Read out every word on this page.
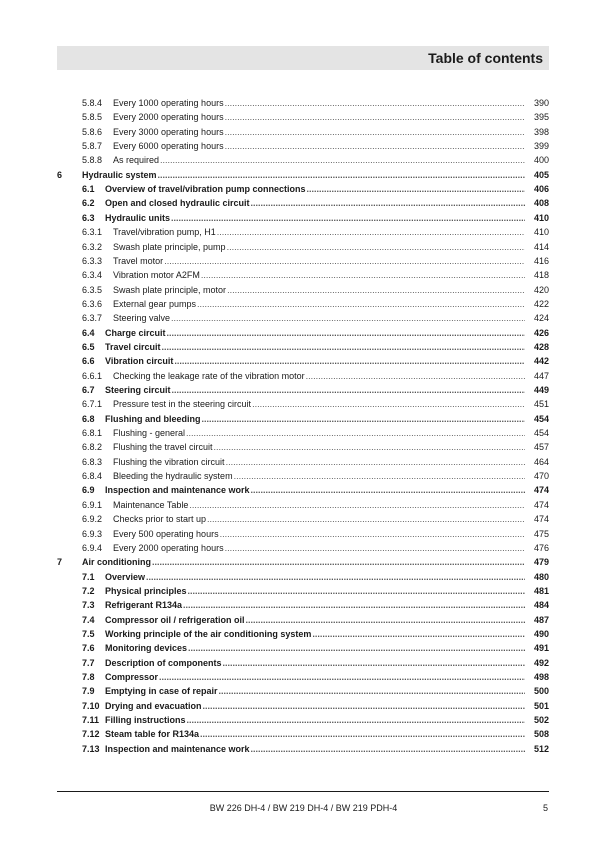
Table of contents
5.8.4 Every 1000 operating hours .....	390
5.8.5 Every 2000 operating hours .....	395
5.8.6 Every 3000 operating hours .....	398
5.8.7 Every 6000 operating hours .....	399
5.8.8 As required .....	400
6 Hydraulic system .....	405
6.1 Overview of travel/vibration pump connections .....	406
6.2 Open and closed hydraulic circuit .....	408
6.3 Hydraulic units .....	410
6.3.1 Travel/vibration pump, H1 .....	410
6.3.2 Swash plate principle, pump .....	414
6.3.3 Travel motor .....	416
6.3.4 Vibration motor A2FM .....	418
6.3.5 Swash plate principle, motor .....	420
6.3.6 External gear pumps .....	422
6.3.7 Steering valve .....	424
6.4 Charge circuit .....	426
6.5 Travel circuit .....	428
6.6 Vibration circuit .....	442
6.6.1 Checking the leakage rate of the vibration motor .....	447
6.7 Steering circuit .....	449
6.7.1 Pressure test in the steering circuit .....	451
6.8 Flushing and bleeding .....	454
6.8.1 Flushing - general .....	454
6.8.2 Flushing the travel circuit .....	457
6.8.3 Flushing the vibration circuit .....	464
6.8.4 Bleeding the hydraulic system .....	470
6.9 Inspection and maintenance work .....	474
6.9.1 Maintenance Table .....	474
6.9.2 Checks prior to start up .....	474
6.9.3 Every 500 operating hours .....	475
6.9.4 Every 2000 operating hours .....	476
7 Air conditioning .....	479
7.1 Overview .....	480
7.2 Physical principles .....	481
7.3 Refrigerant R134a .....	484
7.4 Compressor oil / refrigeration oil .....	487
7.5 Working principle of the air conditioning system .....	490
7.6 Monitoring devices .....	491
7.7 Description of components .....	492
7.8 Compressor .....	498
7.9 Emptying in case of repair .....	500
7.10 Drying and evacuation .....	501
7.11 Filling instructions .....	502
7.12 Steam table for R134a .....	508
7.13 Inspection and maintenance work .....	512
BW 226 DH-4 / BW 219 DH-4 / BW 219 PDH-4	5
